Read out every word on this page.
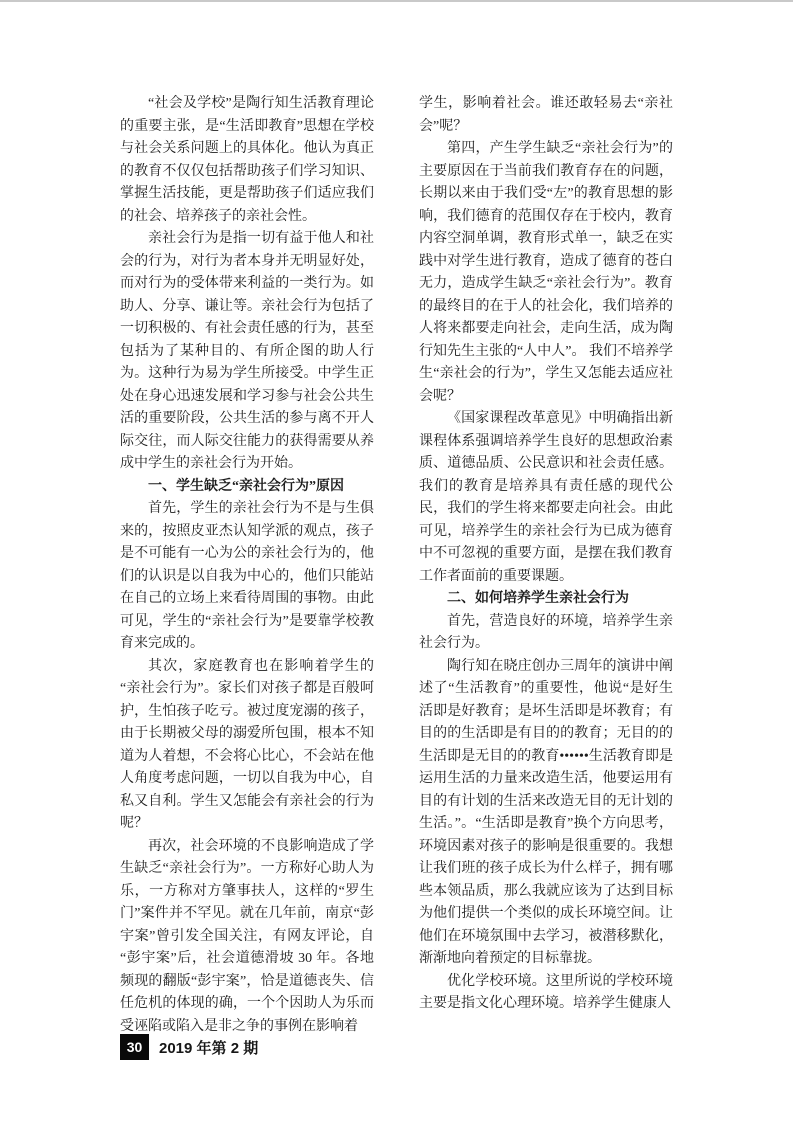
“社会及学校”是陶行知生活教育理论的重要主张，是“生活即教育”思想在学校与社会关系问题上的具体化。他认为真正的教育不仅仅包括帮助孩子们学习知识、掌握生活技能，更是帮助孩子们适应我们的社会、培养孩子的亲社会性。

亲社会行为是指一切有益于他人和社会的行为，对行为者本身并无明显好处，而对行为的受体带来利益的一类行为。如助人、分享、谦让等。亲社会行为包括了一切积极的、有社会责任感的行为，甚至包括为了某种目的、有所企图的助人行为。这种行为易为学生所接受。中学生正处在身心迅速发展和学习参与社会公共生活的重要阶段，公共生活的参与离不开人际交往，而人际交往能力的获得需要从养成中学生的亲社会行为开始。

一、学生缺乏“亲社会行为”原因

首先，学生的亲社会行为不是与生俱来的，按照皮亚杰认知学派的观点，孩子是不可能有一心为公的亲社会行为的，他们的认识是以自我为中心的，他们只能站在自己的立场上来看待周围的事物。由此可见，学生的“亲社会行为”是要靠学校教育来完成的。

其次，家庭教育也在影响着学生的“亲社会行为”。家长们对孩子都是百般呵护，生怕孩子吃亏。被过度宠溺的孩子，由于长期被父母的溺爱所包围，根本不知道为人着想，不会将心比心，不会站在他人角度考虑问题，一切以自我为中心，自私又自利。学生又怎能会有亲社会的行为呢？

再次，社会环境的不良影响造成了学生缺乏“亲社会行为”。一方称好心助人为乐，一方称对方肇事扶人，这样的“罗生门”案件并不罕见。就在几年前，南京“彭宇案”曾引发全国关注，有网友评论，自“彭宇案”后，社会道德滑坡 30 年。各地频现的翻版“彭宇案”，恰是道德丧失、信任危机的体现的确，一个个因助人为乐而受诬陷或陷入是非之争的事例在影响着

学生，影响着社会。谁还敢轻易去“亲社会”呢？

第四，产生学生缺乏“亲社会行为”的主要原因在于当前我们教育存在的问题，长期以来由于我们受“左”的教育思想的影响，我们德育的范围仅存在于校内，教育内容空洞单调，教育形式单一，缺乏在实践中对学生进行教育，造成了德育的苍白无力，造成学生缺乏“亲社会行为”。教育的最终目的在于人的社会化，我们培养的人将来都要走向社会，走向生活，成为陶行知先生主张的“人中人”。 我们不培养学生“亲社会的行为”，学生又怎能去适应社会呢？

《国家课程改革意见》中明确指出新课程体系强调培养学生良好的思想政治素质、道德品质、公民意识和社会责任感。我们的教育是培养具有责任感的现代公民，我们的学生将来都要走向社会。由此可见，培养学生的亲社会行为已成为德育中不可忽视的重要方面，是摆在我们教育工作者面前的重要课题。

二、如何培养学生亲社会行为

首先，营造良好的环境，培养学生亲社会行为。

陶行知在晓庄创办三周年的演讲中阐述了“生活教育”的重要性，他说“是好生活即是好教育；是坏生活即是坏教育；有目的的生活即是有目的的教育；无目的的生活即是无目的的教育••••••生活教育即是运用生活的力量来改造生活，他要运用有目的有计划的生活来改造无目的无计划的生活。”。“生活即是教育”换个方向思考，环境因素对孩子的影响是很重要的。我想让我们班的孩子成长为什么样子，拥有哪些本领品质，那么我就应该为了达到目标为他们提供一个类似的成长环境空间。让他们在环境氛围中去学习，被潜移默化，渐渐地向着预定的目标靠拢。

优化学校环境。这里所说的学校环境主要是指文化心理环境。培养学生健康人

30	2019 年第 2 期
